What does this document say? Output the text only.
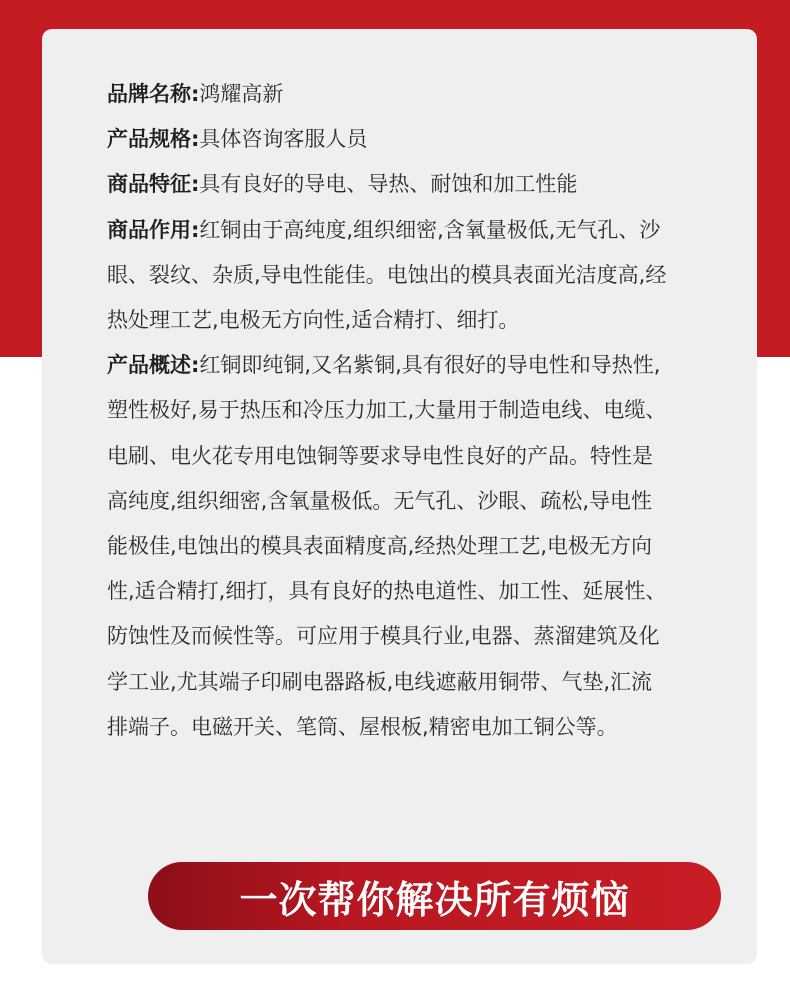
品牌名称:鸿耀高新
产品规格:具体咨询客服人员
商品特征:具有良好的导电、导热、耐蚀和加工性能
商品作用:红铜由于高纯度,组织细密,含氧量极低,无气孔、沙眼、裂纹、杂质,导电性能佳。电蚀出的模具表面光洁度高,经热处理工艺,电极无方向性,适合精打、细打。
产品概述:红铜即纯铜,又名紫铜,具有很好的导电性和导热性,塑性极好,易于热压和冷压力加工,大量用于制造电线、电缆、电刷、电火花专用电蚀铜等要求导电性良好的产品。特性是高纯度,组织细密,含氧量极低。无气孔、沙眼、疏松,导电性能极佳,电蚀出的模具表面精度高,经热处理工艺,电极无方向性,适合精打,细打，具有良好的热电道性、加工性、延展性、防蚀性及而候性等。可应用于模具行业,电器、蒸溜建筑及化学工业,尤其端子印刷电器路板,电线遮蔽用铜带、气垫,汇流排端子。电磁开关、笔筒、屋根板,精密电加工铜公等。
一次帮你解决所有烦恼
